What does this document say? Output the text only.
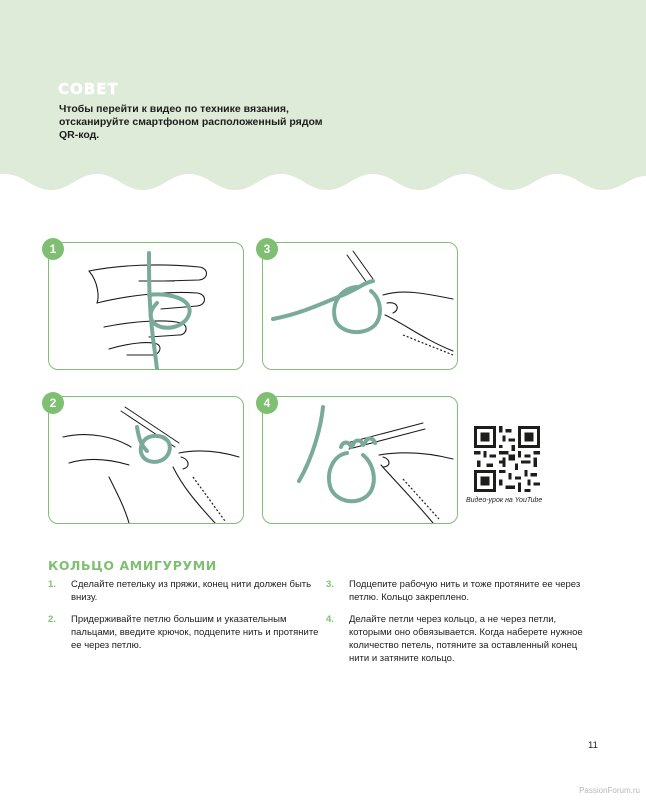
СОВЕТ
Чтобы перейти к видео по технике вязания, отсканируйте смартфоном расположенный рядом QR-код.
1	3
2	4
Видео-урок на YouTube
КОЛЬЦО АМИГУРУМИ
1. Сделайте петельку из пряжи, конец нити должен быть внизу.
2. Придерживайте петлю большим и указательным пальцами, введите крючок, подцепите нить и протяните ее через петлю.
3. Подцепите рабочую нить и тоже протяните ее через петлю. Кольцо закреплено.
4. Делайте петли через кольцо, а не через петли, которыми оно обвязывается. Когда наберете нужное количество петель, потяните за оставленный конец нити и затяните кольцо.
11
PassionForum.ru
